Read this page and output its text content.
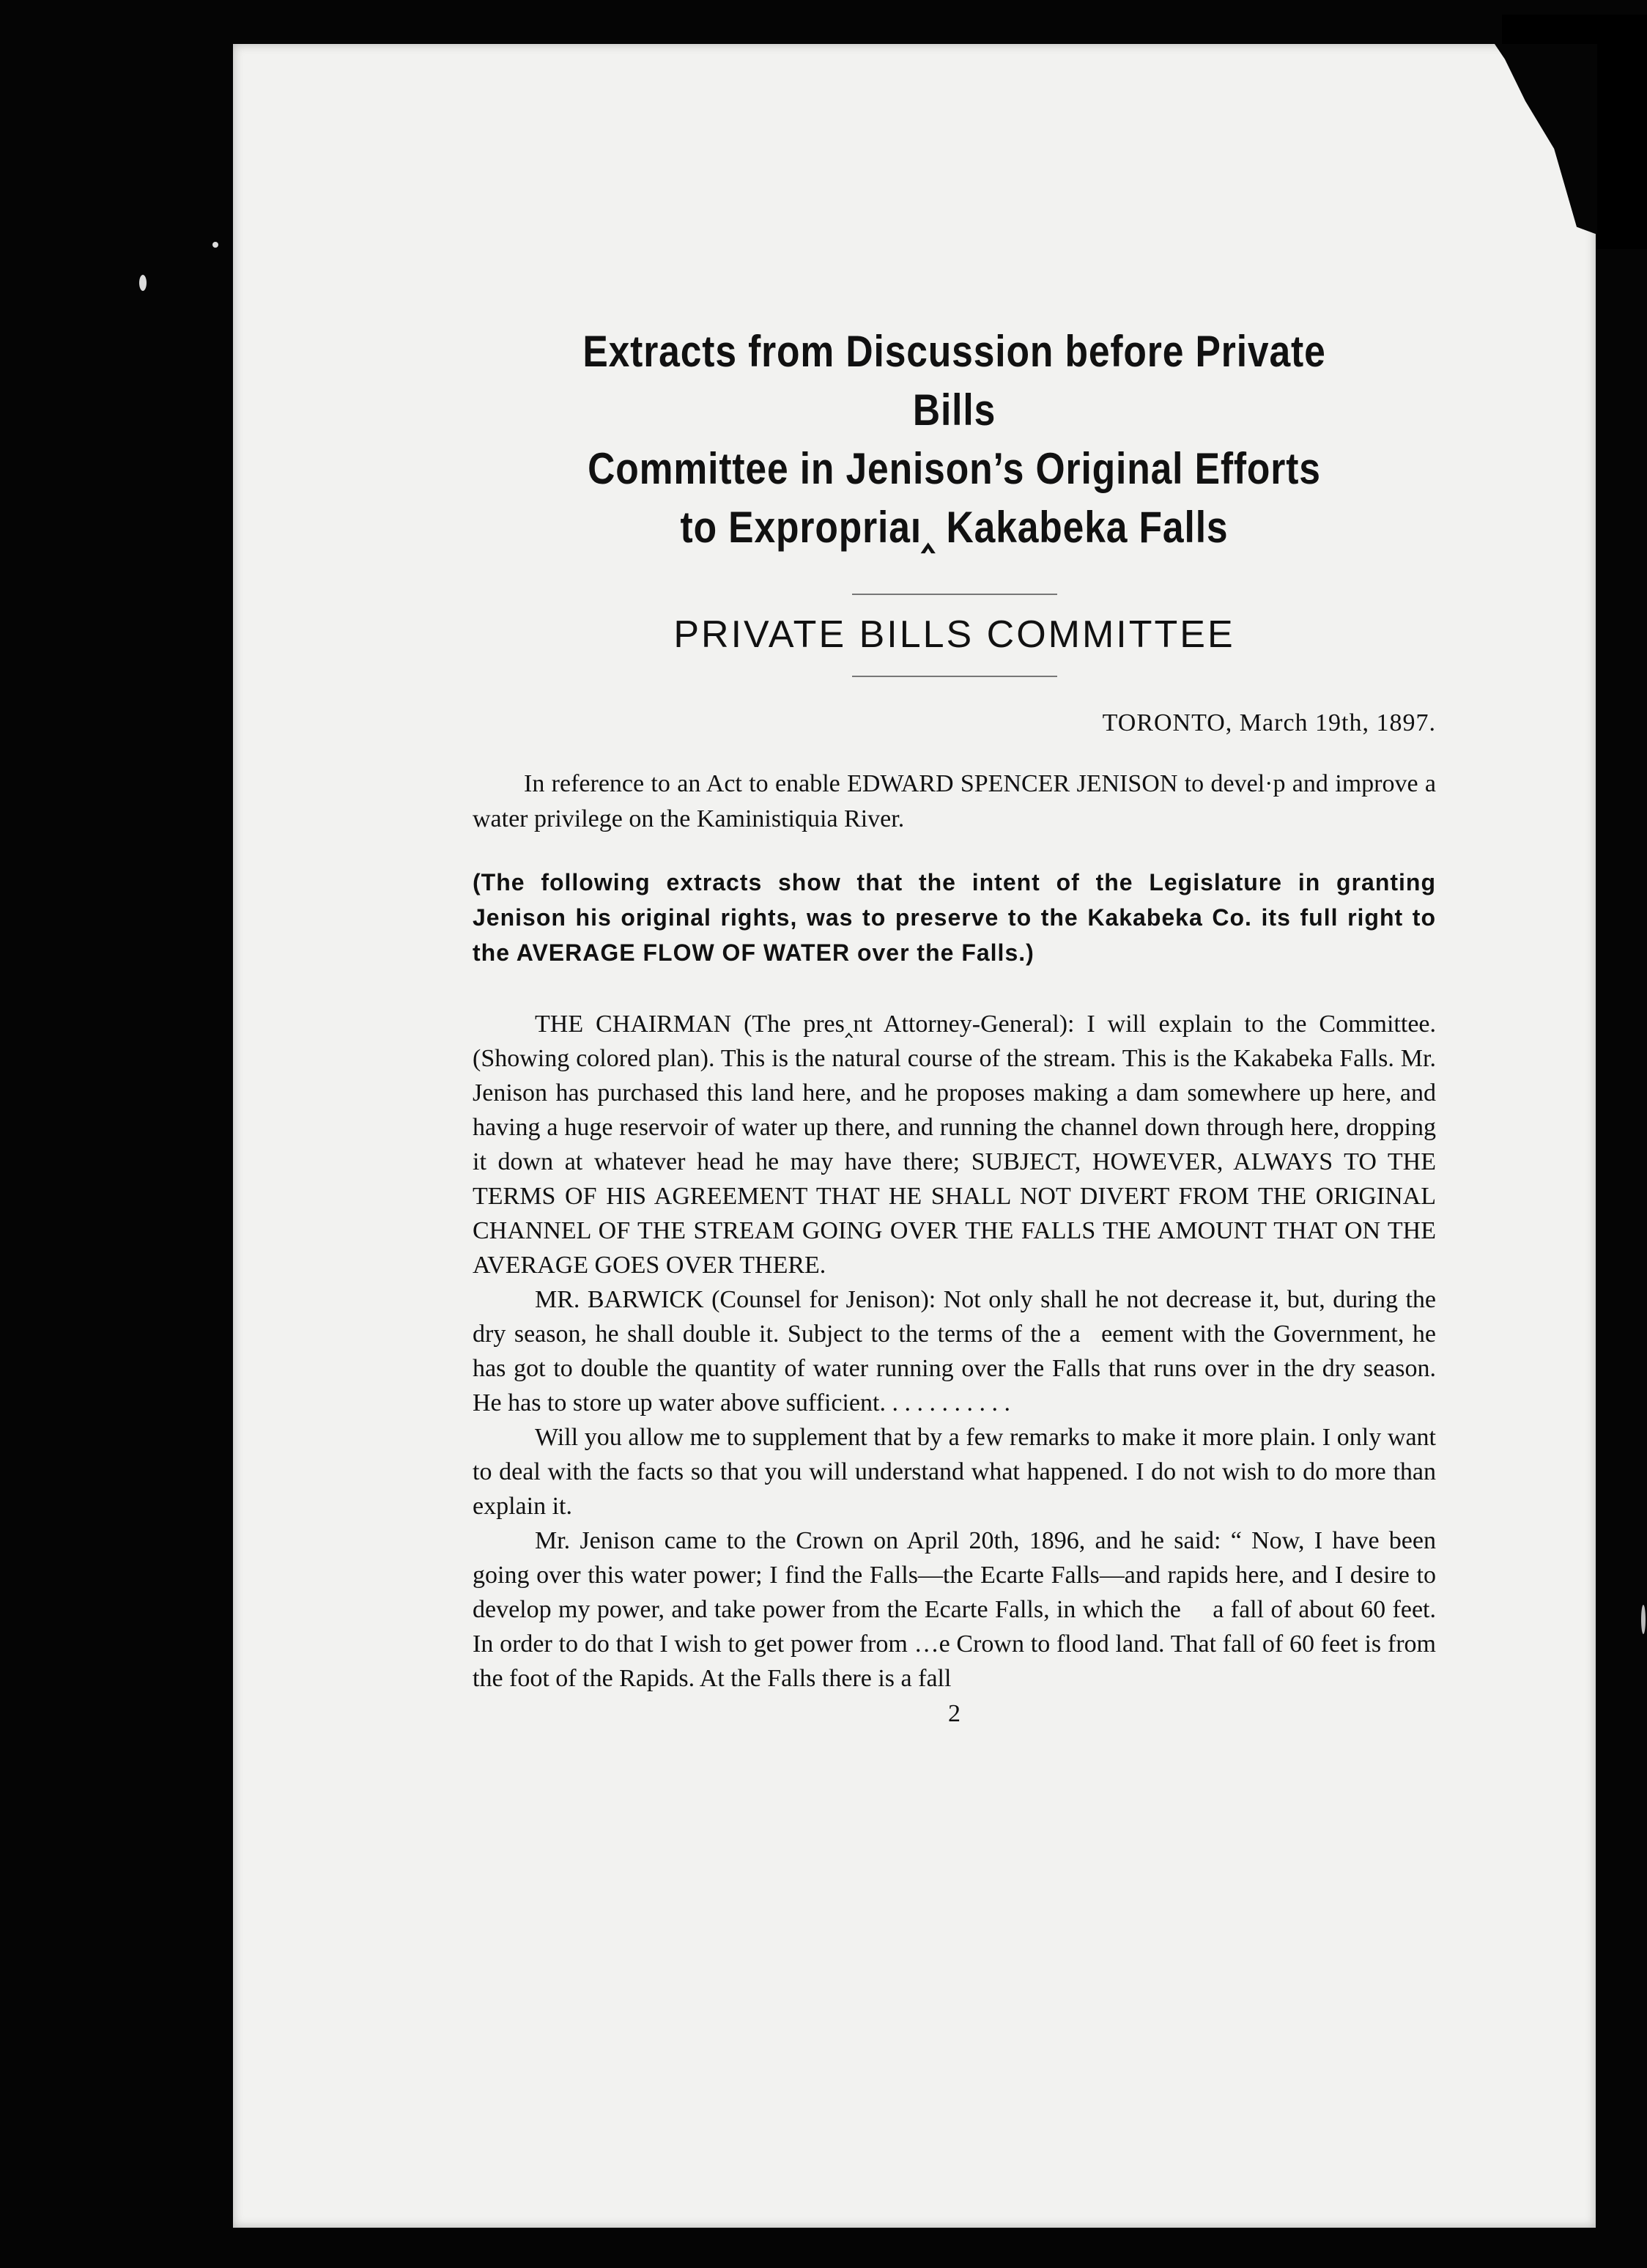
Extracts from Discussion before Private Bills
Committee in Jenison’s Original Efforts
to Expropriaı‸ Kakabeka Falls
PRIVATE BILLS COMMITTEE
TORONTO, March 19th, 1897.

In reference to an Act to enable EDWARD SPENCER JENISON to devel·p and improve a water privilege on the Kaministiquia River.

(The following extracts show that the intent of the Legislature in granting Jenison his original rights, was to preserve to the Kakabeka Co. its full right to the AVERAGE FLOW OF WATER over the Falls.)

THE CHAIRMAN (The pres‸nt Attorney-General): I will explain to the Committee. (Showing colored plan). This is the natural course of the stream. This is the Kakabeka Falls. Mr. Jenison has purchased this land here, and he proposes making a dam somewhere up here, and having a huge reservoir of water up there, and running the channel down through here, dropping it down at whatever head he may have there; SUBJECT, HOWEVER, ALWAYS TO THE TERMS OF HIS AGREEMENT THAT HE SHALL NOT DIVERT FROM THE ORIGINAL CHANNEL OF THE STREAM GOING OVER THE FALLS THE AMOUNT THAT ON THE AVERAGE GOES OVER THERE.

MR. BARWICK (Counsel for Jenison): Not only shall he not decrease it, but, during the dry season, he shall double it. Subject to the terms of the a  eement with the Government, he has got to double the quantity of water running over the Falls that runs over in the dry season. He has to store up water above sufficient. . . . . . . . . . .

Will you allow me to supplement that by a few remarks to make it more plain. I only want to deal with the facts so that you will understand what happened. I do not wish to do more than explain it.

Mr. Jenison came to the Crown on April 20th, 1896, and he said: “ Now, I have been going over this water power; I find the Falls—the Ecarte Falls—and rapids here, and I desire to develop my power, and take power from the Ecarte Falls, in which the   a fall of about 60 feet. In order to do that I wish to get power from …e Crown to flood land. That fall of 60 feet is from the foot of the Rapids. At the Falls there is a fall

2
